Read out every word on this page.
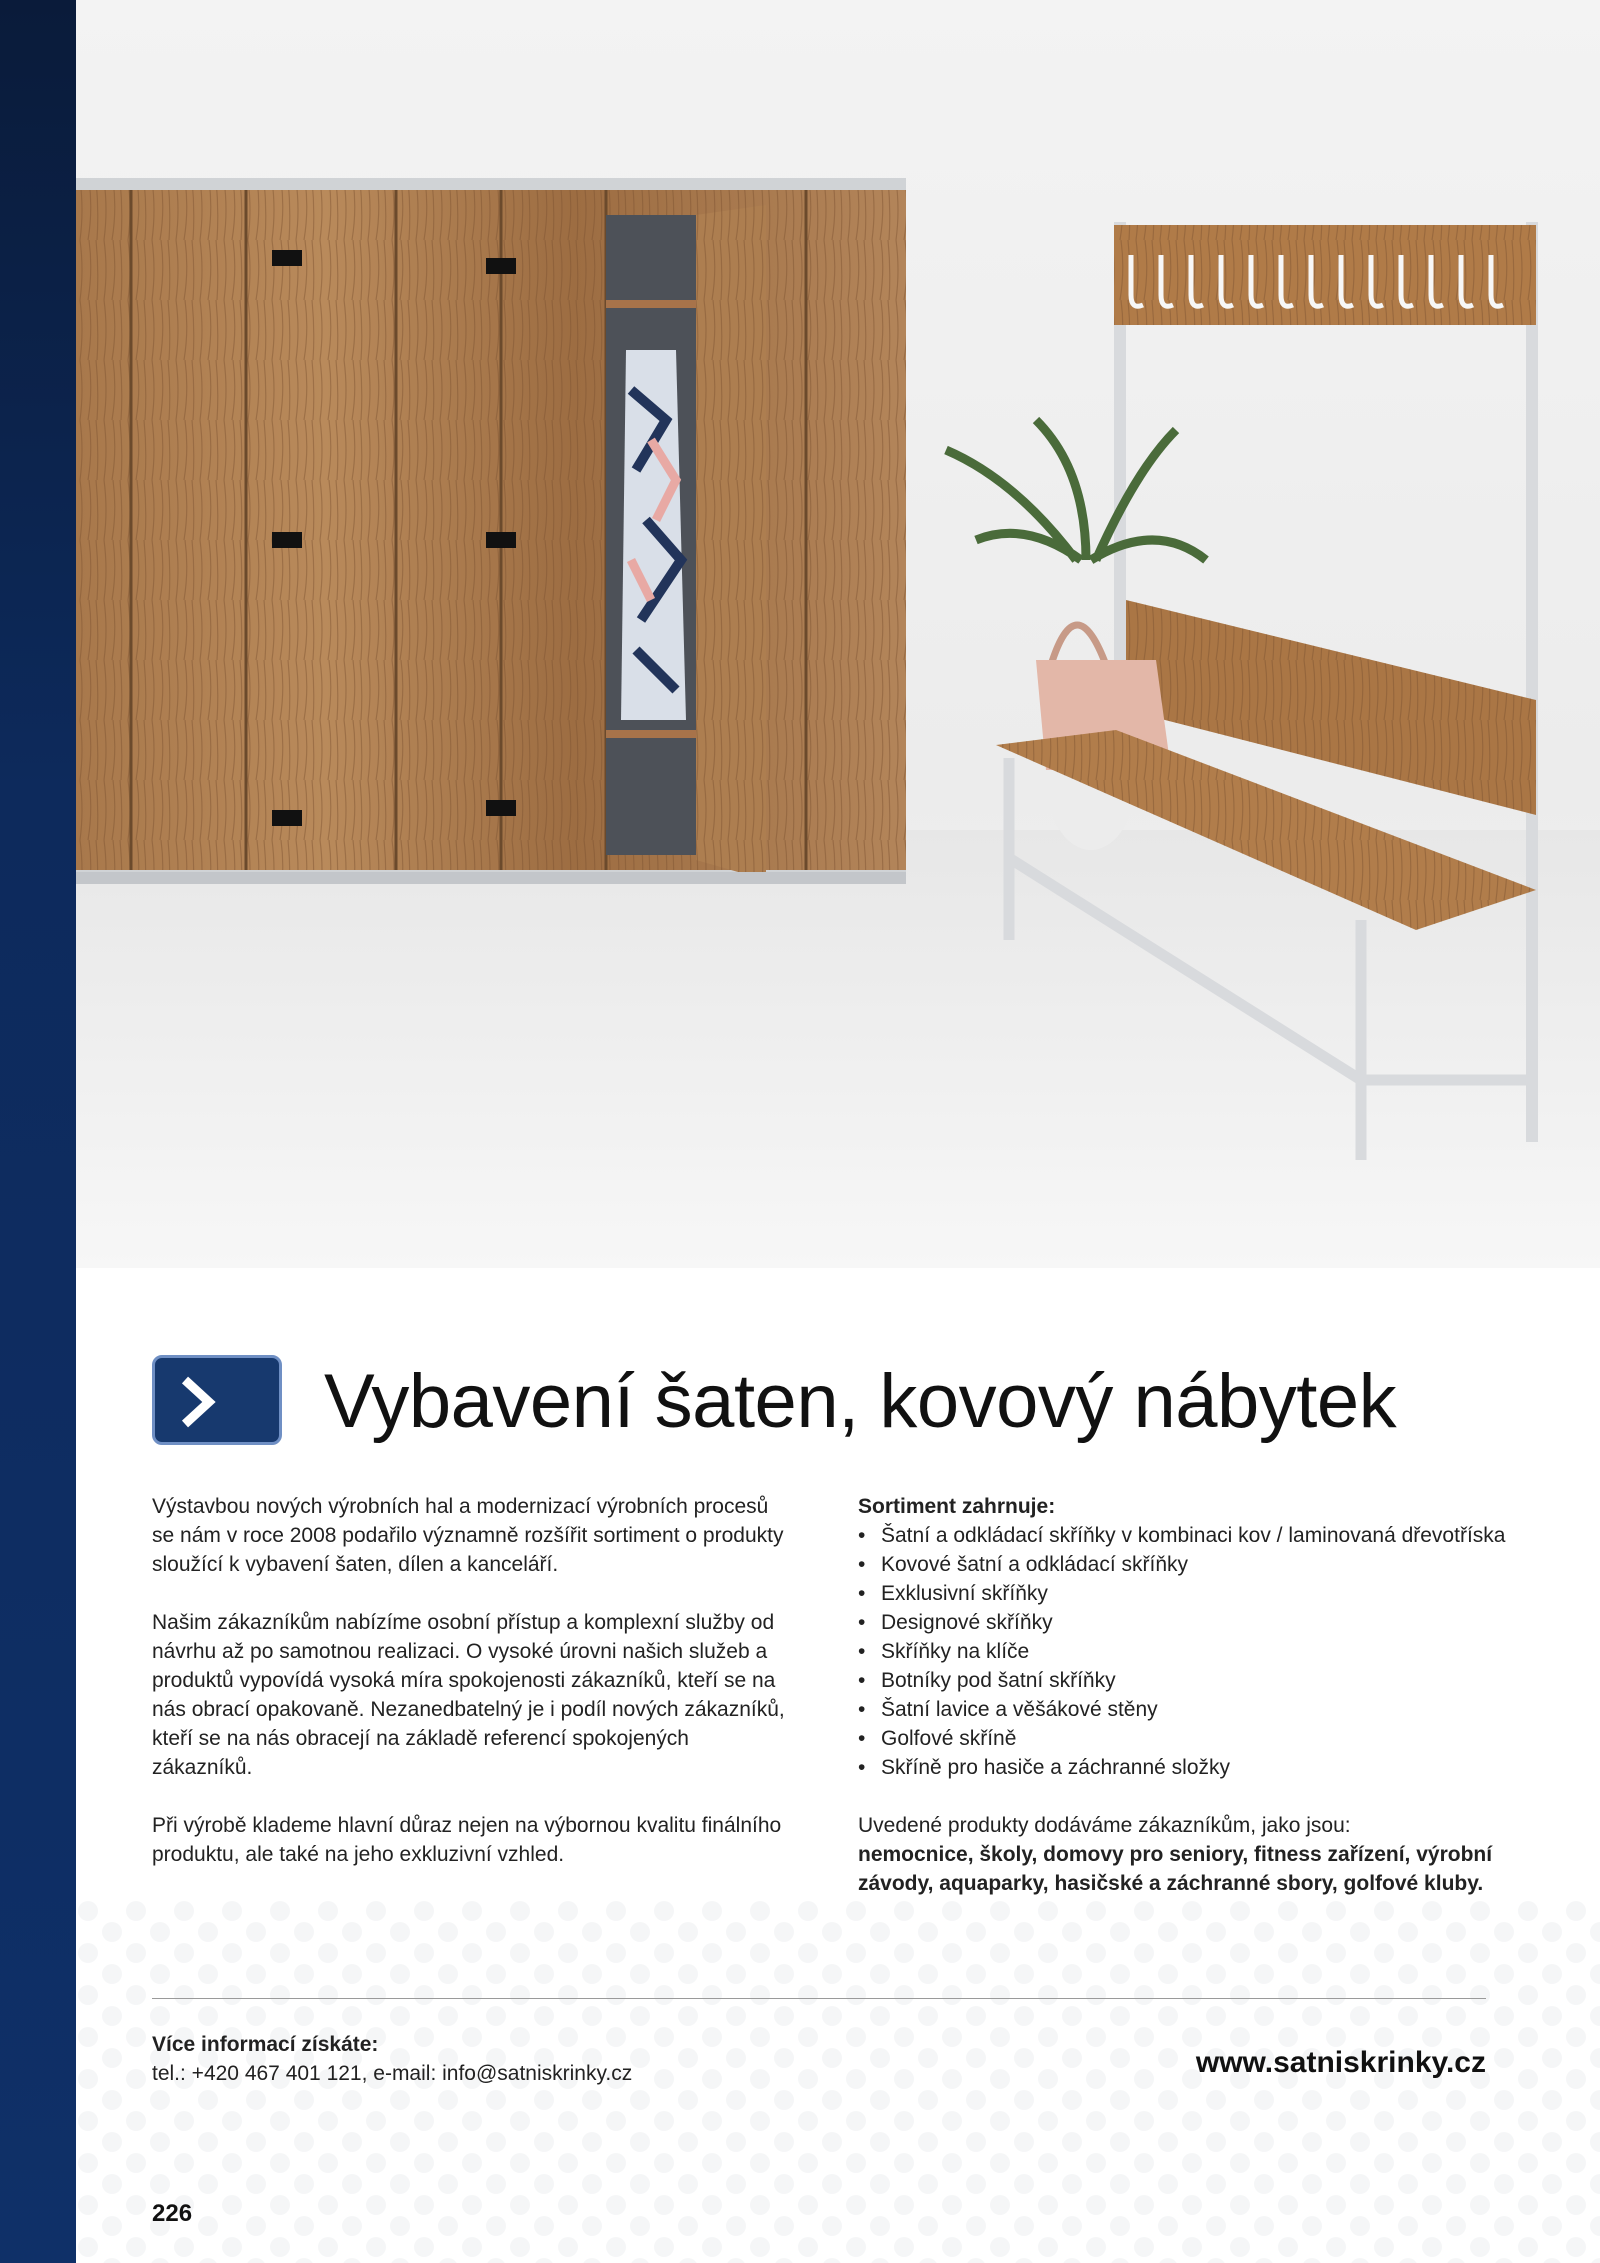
Vybavení šaten, kovový nábytek

Výstavbou nových výrobních hal a modernizací výrobních procesů se nám v roce 2008 podařilo významně rozšířit sortiment o produkty sloužící k vybavení šaten, dílen a kanceláří.

Našim zákazníkům nabízíme osobní přístup a komplexní služby od návrhu až po samotnou realizaci. O vysoké úrovni našich služeb a produktů vypovídá vysoká míra spokojenosti zákazníků, kteří se na nás obrací opakovaně. Nezanedbatelný je i podíl nových zákazníků, kteří se na nás obracejí na základě referencí spokojených zákazníků.

Při výrobě klademe hlavní důraz nejen na výbornou kvalitu finálního produktu, ale také na jeho exkluzivní vzhled.

Sortiment zahrnuje:
• Šatní a odkládací skříňky v kombinaci kov / laminovaná dřevotříska
• Kovové šatní a odkládací skříňky
• Exklusivní skříňky
• Designové skříňky
• Skříňky na klíče
• Botníky pod šatní skříňky
• Šatní lavice a věšákové stěny
• Golfové skříně
• Skříně pro hasiče a záchranné složky
Uvedené produkty dodáváme zákazníkům, jako jsou:
nemocnice, školy, domovy pro seniory, fitness zařízení, výrobní závody, aquaparky, hasičské a záchranné sbory, golfové kluby.
Více informací získáte:
tel.: +420 467 401 121, e-mail: info@satniskrinky.cz	www.satniskrinky.cz
226
